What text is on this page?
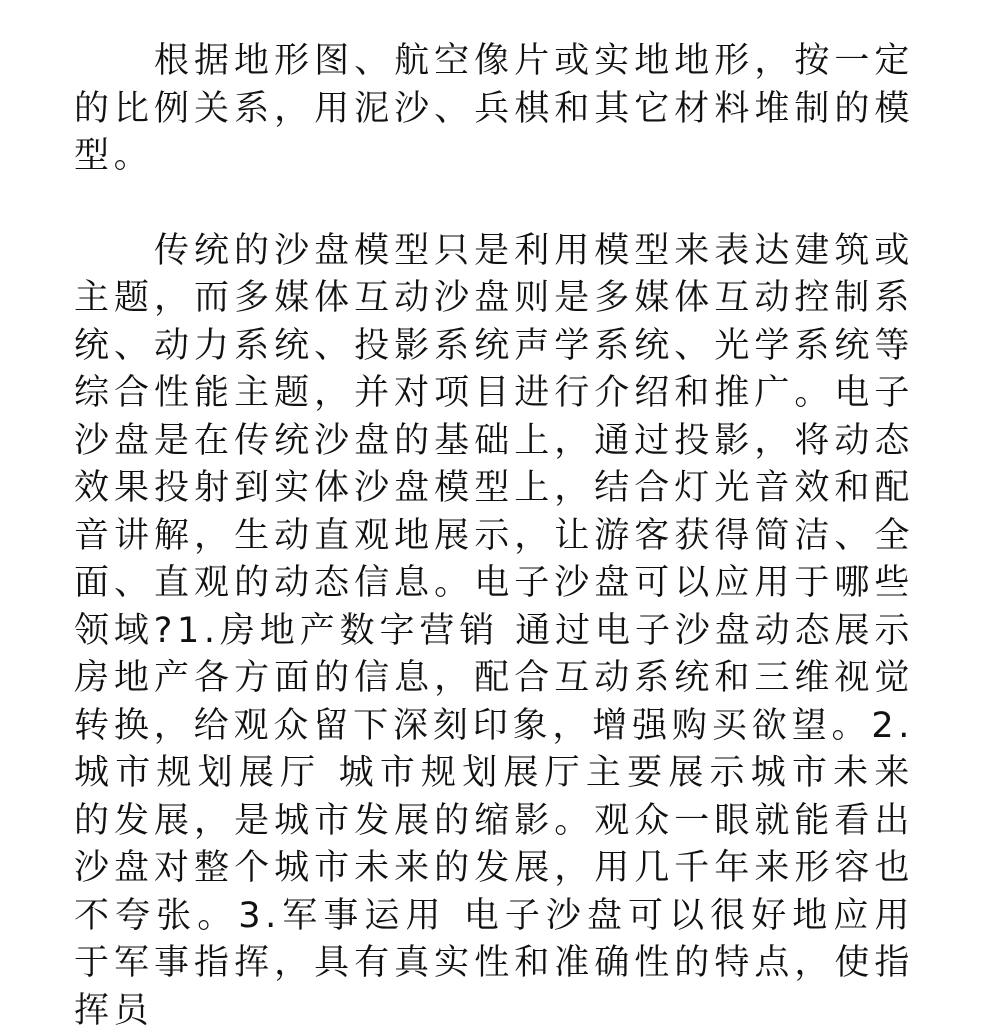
根据地形图、航空像片或实地地形，按一定的比例关系，用泥沙、兵棋和其它材料堆制的模型。

传统的沙盘模型只是利用模型来表达建筑或主题，而多媒体互动沙盘则是多媒体互动控制系统、动力系统、投影系统声学系统、光学系统等综合性能主题，并对项目进行介绍和推广。电子沙盘是在传统沙盘的基础上，通过投影，将动态效果投射到实体沙盘模型上，结合灯光音效和配音讲解，生动直观地展示，让游客获得简洁、全面、直观的动态信息。电子沙盘可以应用于哪些领域?1.房地产数字营销 通过电子沙盘动态展示房地产各方面的信息，配合互动系统和三维视觉转换，给观众留下深刻印象，增强购买欲望。2.城市规划展厅 城市规划展厅主要展示城市未来的发展，是城市发展的缩影。观众一眼就能看出沙盘对整个城市未来的发展，用几千年来形容也不夸张。3.军事运用 电子沙盘可以很好地应用于军事指挥，具有真实性和准确性的特点，使指挥员
